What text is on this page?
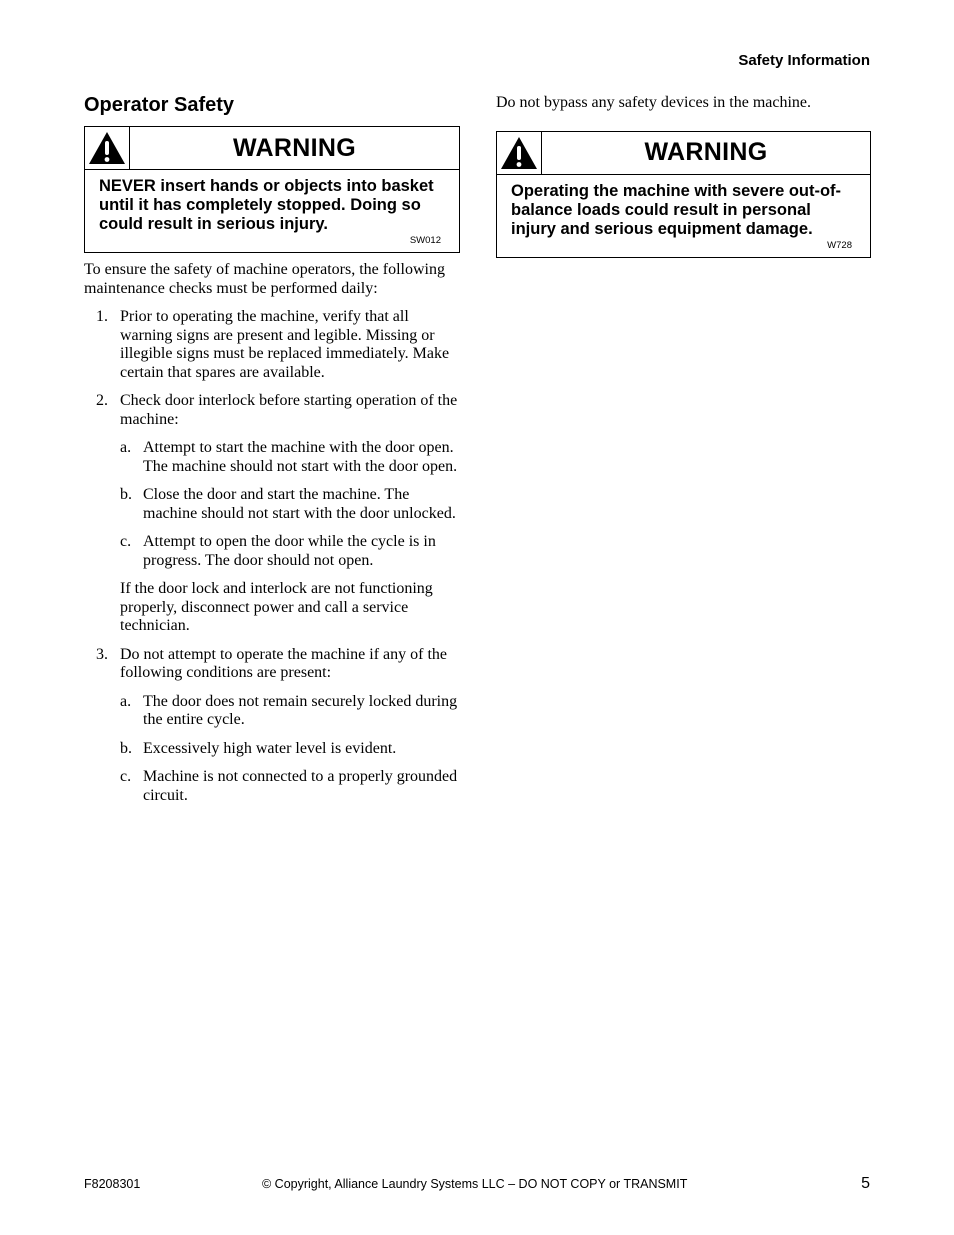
Safety Information
Operator Safety
WARNING
NEVER insert hands or objects into basket until it has completely stopped. Doing so could result in serious injury.
SW012

To ensure the safety of machine operators, the following maintenance checks must be performed daily:

1. Prior to operating the machine, verify that all warning signs are present and legible. Missing or illegible signs must be replaced immediately. Make certain that spares are available.
2. Check door interlock before starting operation of the machine:
a. Attempt to start the machine with the door open. The machine should not start with the door open.
b. Close the door and start the machine. The machine should not start with the door unlocked.
c. Attempt to open the door while the cycle is in progress. The door should not open.
If the door lock and interlock are not functioning properly, disconnect power and call a service technician.
3. Do not attempt to operate the machine if any of the following conditions are present:
a. The door does not remain securely locked during the entire cycle.
b. Excessively high water level is evident.
c. Machine is not connected to a properly grounded circuit.

Do not bypass any safety devices in the machine.

WARNING
Operating the machine with severe out-of-balance loads could result in personal injury and serious equipment damage.
W728
F8208301	© Copyright, Alliance Laundry Systems LLC – DO NOT COPY or TRANSMIT	5
